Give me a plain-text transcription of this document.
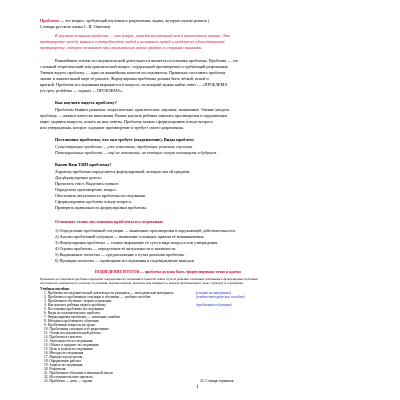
Проблема — это вопрос, требующий изучения и разрешения; задача, которую нужно решить (
Словарь русского языка С. И. Ожегова).
В научном познании проблема — это вопрос, ответа на который нет в накопленном знании. Это
противоречие между знанием о потребностях людей и незнанием путей и средств их удовлетворения;
противоречие, которое возникает при столкновении нового факта со старыми знаниями.
Важнейшим этапом исследовательской деятельности является постановка проблемы. Проблема — это
сложный теоретический или практический вопрос, содержащий противоречие и требующий разрешения.
Умение видеть проблему — одно из важнейших качеств исследователя. Правильно поставить проблему
значит в значительной мере её решить. Формулировка проблемы должна быть чёткой, ясной и
краткой. Проблема исследования выражается в вопросе, на который нужно найти ответ — «ПРОБЛЕМА
(от греч. problema — задача) — ПРОБЛЕМА».
Как научить видеть проблему?
Проблемы бывают разными: теоретические, практические, научные, жизненные. Умение увидеть
проблему — важное качество мышления. Важно научить ребёнка замечать противоречия в окружающем
мире, задавать вопросы, искать на них ответы. Проблему можно сформулировать в виде вопроса
или утверждения, которое содержит противоречие и требует своего разрешения.
Постановка проблемы, что она требует (выдвижение). Виды проблем:
Существующие проблемы — уже известные, требующие решения, изучения.
Потенциальные проблемы — ещё не возникшие, но которые могут возникнуть в будущем.
Каков Ваш ТИП проблемы?
Характер проблемы определяется формулировкой, которую мы ей придаём.
Для формулировки нужно:
Прочитать текст. Выделить главное.
Определить противоречие, вопрос.
Обосновать актуальность проблемы исследования.
Сформулировать проблему в виде вопроса.
Проверить правильность формулировки проблемы.
Основные этапы постановки проблемы исследования:
1) Определение проблемной ситуации — выявление противоречия в окружающей действительности.
2) Анализ проблемной ситуации — выявление основных причин её возникновения.
3) Формулировка проблемы — точное выражение её сути в виде вопроса или утверждения.
4) Оценка проблемы — определение её актуальности и значимости.
5) Выдвижение гипотезы — предположение о путях решения проблемы.
6) Проверка гипотезы — проведение исследования и подтверждение выводов.
ПОДВЕДЕНИЕ ИТОГОВ — проблема должна быть сформулирована точно и кратко
Правильно поставленная проблема определяет направление исследования и помогает найти пути её решения. Основные требования к формулировке проблемы:
актуальность, конкретность, реальность решения, научная новизна, практическая значимость. Каждая проблема имеет свою структуру и содержание.
Учебные пособия:
1. Проблема исследовательской деятельности учащихся — методические материалы	(ссылка на материалы)
2. Проблемы и проблемные ситуации в обучении — учебное пособие	(учебно-методическое пособие)
3. Проблемное обучение: теория и практика
4. Как научить ребёнка видеть проблему	(проблемное обучение)
5. Постановка проблемы исследования
6. Виды исследовательских проблем
7. Формулировка проблемы — типичные ошибки
8. Методика проблемного обучения
9. Проблемные вопросы на уроке
10. Проблемная ситуация и её разрешение
11. Этапы исследовательской работы
12. Проблема и гипотеза
13. Актуальность исследования
14. Объект и предмет исследования
15. Цель и задачи исследования
16. Методы исследования
17. Выводы и результаты
18. Оформление работы
19. Защита исследования
20. Рефлексия
21. Проблемное обучение в начальной школе
22. Исследовательские проекты
23. Проблема — цель — задачи	24. Словарь терминов
1
